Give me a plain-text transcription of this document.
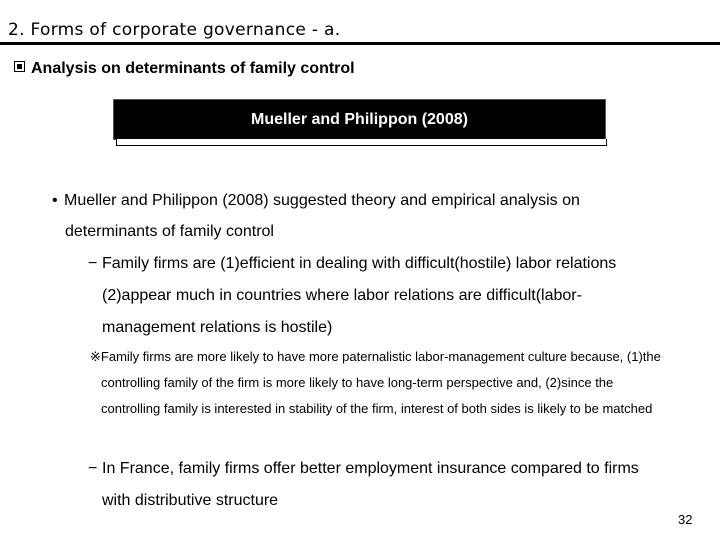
2. Forms of corporate governance - a.
Analysis on determinants of family control
Mueller and Philippon (2008)
• Mueller and Philippon (2008) suggested theory and empirical analysis on
determinants of family control
− Family firms are (1)efficient in dealing with difficult(hostile) labor relations
(2)appear much in countries where labor relations are difficult(labor-
management relations is hostile)
※Family firms are more likely to have more paternalistic labor-management culture because, (1)the
controlling family of the firm is more likely to have long-term perspective and, (2)since the
controlling family is interested in stability of the firm, interest of both sides is likely to be matched
− In France, family firms offer better employment insurance compared to firms
with distributive structure
32
